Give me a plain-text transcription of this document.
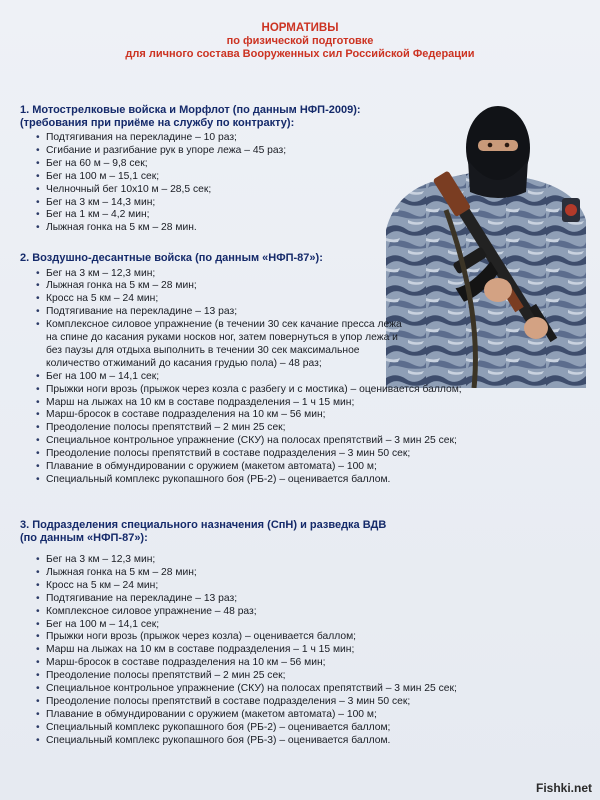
НОРМАТИВЫ
по физической подготовке
для личного состава Вооруженных сил Российской Федерации
1. Мотострелковые войска и Морфлот (по данным НФП-2009):
(требования при приёме на службу по контракту):
• Подтягивания на перекладине – 10 раз;
• Сгибание и разгибание рук в упоре лежа – 45 раз;
• Бег на 60 м – 9,8 сек;
• Бег на 100 м – 15,1 сек;
• Челночный бег 10х10 м – 28,5 сек;
• Бег на 3 км – 14,3 мин;
• Бег на 1 км – 4,2 мин;
• Лыжная гонка на 5 км – 28 мин.
2. Воздушно-десантные войска (по данным «НФП-87»):
• Бег на 3 км – 12,3 мин;
• Лыжная гонка на 5 км – 28 мин;
• Кросс на 5 км – 24 мин;
• Подтягивание на перекладине – 13 раз;
• Комплексное силовое упражнение (в течении 30 сек качание пресса лежа на спине до касания руками носков ног, затем повернуться в упор лежа и без паузы для отдыха выполнить в течении 30 сек максимальное количество отжиманий до касания грудью пола) – 48 раз;
• Бег на 100 м – 14,1 сек;
• Прыжки ноги врозь (прыжок через козла с разбегу и с мостика) – оценивается баллом;
• Марш на лыжах на 10 км в составе подразделения – 1 ч 15 мин;
• Марш-бросок в составе подразделения на 10 км – 56 мин;
• Преодоление полосы препятствий – 2 мин 25 сек;
• Специальное контрольное упражнение (СКУ) на полосах препятствий – 3 мин 25 сек;
• Преодоление полосы препятствий в составе подразделения – 3 мин 50 сек;
• Плавание в обмундировании с оружием (макетом автомата) – 100 м;
• Специальный комплекс рукопашного боя (РБ-2) – оценивается баллом.
3. Подразделения специального назначения (СпН) и разведка ВДВ
(по данным «НФП-87»):
• Бег на 3 км – 12,3 мин;
• Лыжная гонка на 5 км – 28 мин;
• Кросс на 5 км – 24 мин;
• Подтягивание на перекладине – 13 раз;
• Комплексное силовое упражнение – 48 раз;
• Бег на 100 м – 14,1 сек;
• Прыжки ноги врозь (прыжок через козла) – оценивается баллом;
• Марш на лыжах на 10 км в составе подразделения – 1 ч 15 мин;
• Марш-бросок в составе подразделения на 10 км – 56 мин;
• Преодоление полосы препятствий – 2 мин 25 сек;
• Специальное контрольное упражнение (СКУ) на полосах препятствий – 3 мин 25 сек;
• Преодоление полосы препятствий в составе подразделения – 3 мин 50 сек;
• Плавание в обмундировании с оружием (макетом автомата) – 100 м;
• Специальный комплекс рукопашного боя (РБ-2) – оценивается баллом;
• Специальный комплекс рукопашного боя (РБ-3) – оценивается баллом.
Fishki.net
